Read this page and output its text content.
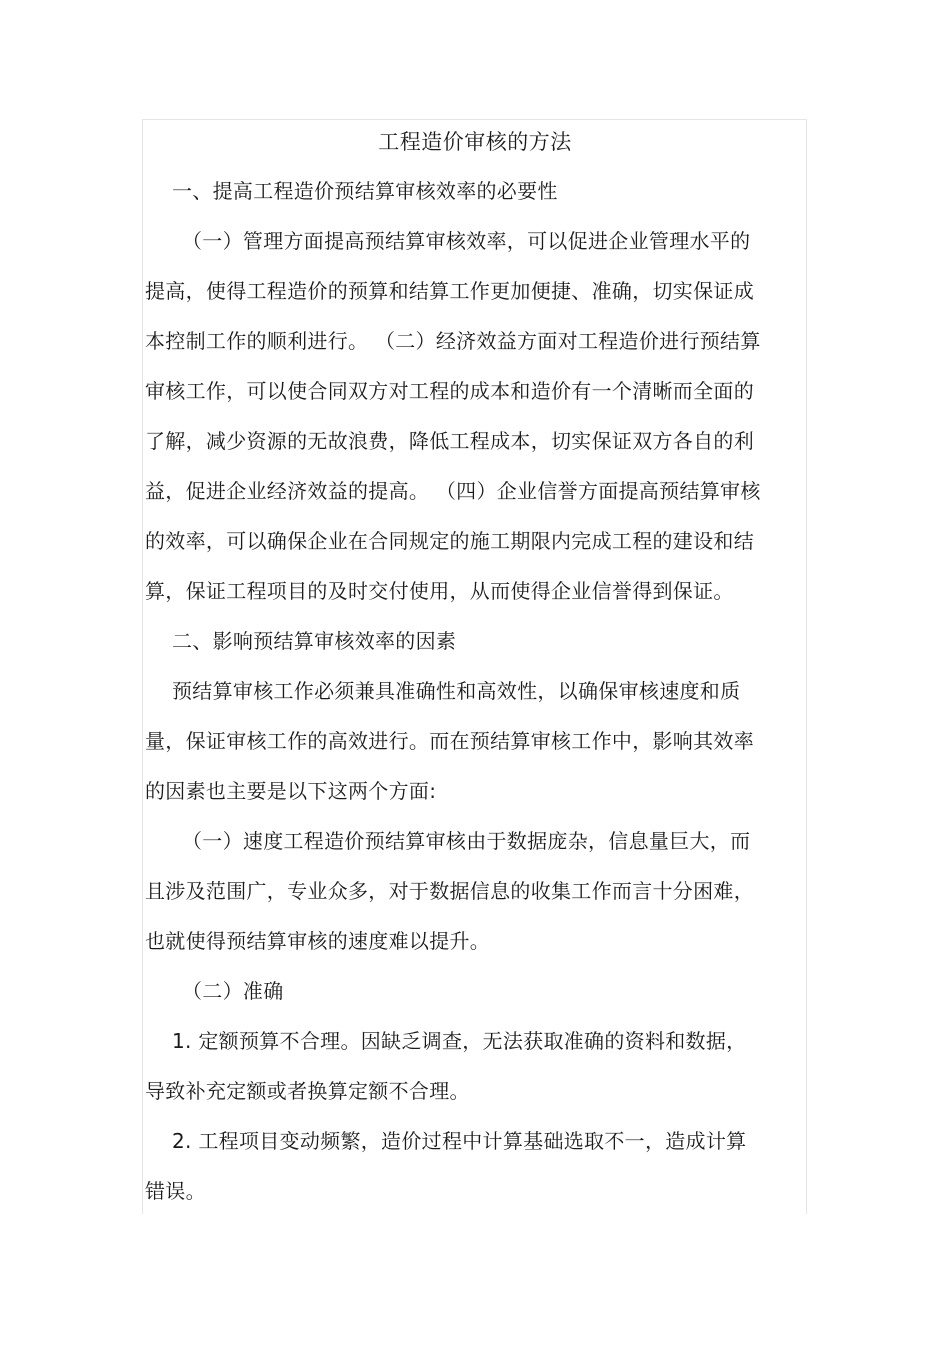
工程造价审核的方法
一、提高工程造价预结算审核效率的必要性
（一）管理方面提高预结算审核效率，可以促进企业管理水平的
提高，使得工程造价的预算和结算工作更加便捷、准确，切实保证成
本控制工作的顺利进行。 （二）经济效益方面对工程造价进行预结算
审核工作，可以使合同双方对工程的成本和造价有一个清晰而全面的
了解，减少资源的无故浪费，降低工程成本，切实保证双方各自的利
益，促进企业经济效益的提高。 （四）企业信誉方面提高预结算审核
的效率，可以确保企业在合同规定的施工期限内完成工程的建设和结
算，保证工程项目的及时交付使用，从而使得企业信誉得到保证。
二、影响预结算审核效率的因素
预结算审核工作必须兼具准确性和高效性，以确保审核速度和质
量，保证审核工作的高效进行。而在预结算审核工作中，影响其效率
的因素也主要是以下这两个方面:
（一）速度工程造价预结算审核由于数据庞杂，信息量巨大，而
且涉及范围广，专业众多，对于数据信息的收集工作而言十分困难，
也就使得预结算审核的速度难以提升。
（二）准确
1. 定额预算不合理。因缺乏调查，无法获取准确的资料和数据，
导致补充定额或者换算定额不合理。
2. 工程项目变动频繁，造价过程中计算基础选取不一，造成计算
错误。
